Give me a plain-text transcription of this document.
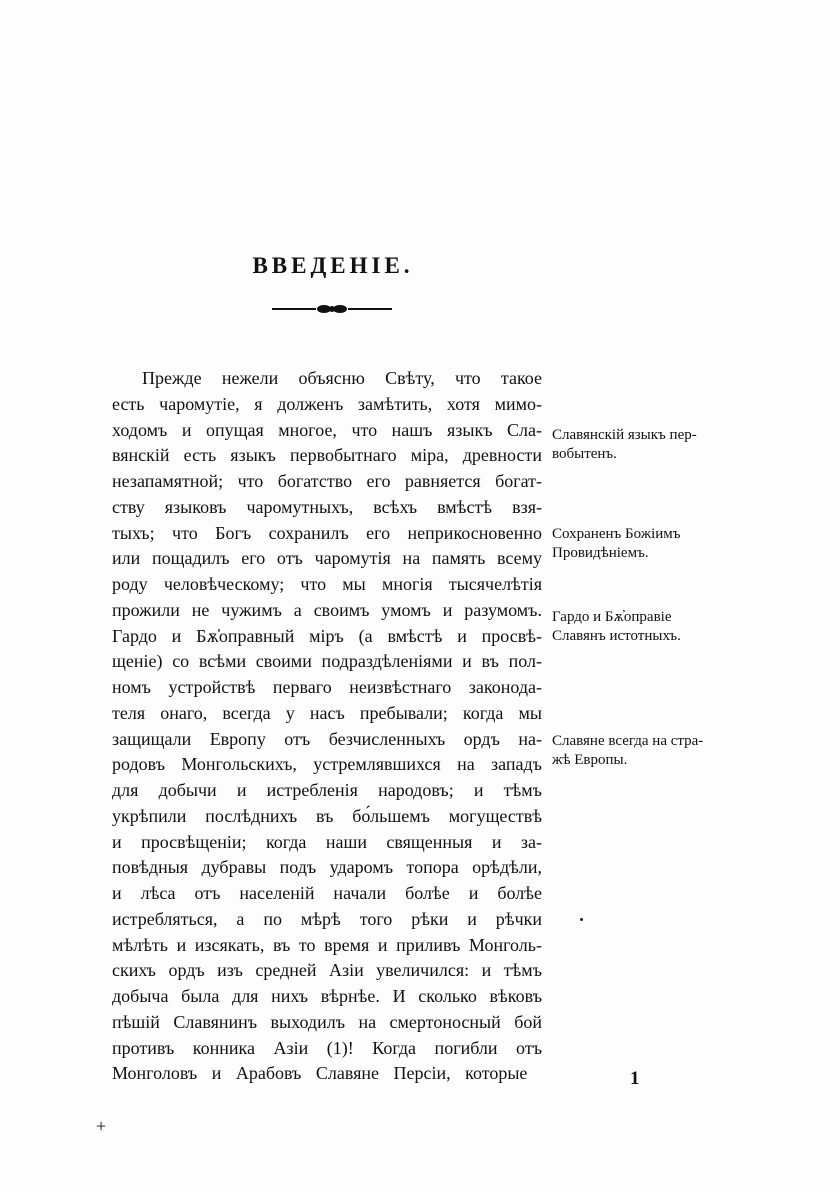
ВВЕДЕНІЕ.
Прежде нежели объясню Свѣту, что такое
есть чаромутіе, я долженъ замѣтить, хотя мимо-
ходомъ и опущая многое, что нашъ языкъ Сла-
вянскій есть языкъ первобытнаго міра, древности
незапамятной; что богатство его равняется богат-
ству языковъ чаромутныхъ, всѣхъ вмѣстѣ взя-
тыхъ; что Богъ сохранилъ его неприкосновенно
или пощадилъ его отъ чаромутія на память всему
роду человѣческому; что мы многія тысячелѣтія
прожили не чужимъ а своимъ умомъ и разумомъ.
Гардо и Бѫ҆оправный міръ (а вмѣстѣ и просвѣ-
щеніе) со всѣми своими подраздѣленіями и въ пол-
номъ устройствѣ перваго неизвѣстнаго законода-
теля онаго, всегда у насъ пребывали; когда мы
защищали Европу отъ безчисленныхъ ордъ на-
родовъ Монгольскихъ, устремлявшихся на западъ
для добычи и истребленія народовъ; и тѣмъ
укрѣпили послѣднихъ въ бо́льшемъ могуществѣ
и просвѣщеніи; когда наши священныя и за-
повѣдныя дубравы подъ ударомъ топора орѣдѣли,
и лѣса отъ населеній начали болѣе и болѣе
истребляться, а по мѣрѣ того рѣки и рѣчки
мѣлѣть и изсякать, въ то время и приливъ Монголь-
скихъ ордъ изъ средней Азіи увеличился: и тѣмъ
добыча была для нихъ вѣрнѣе. И сколько вѣковъ
пѣшій Славянинъ выходилъ на смертоносный бой
противъ конника Азіи (1)! Когда погибли отъ
Монголовъ и Арабовъ Славяне Персіи, которые
Славянскій языкъ пер-
вобытенъ.
Сохраненъ Божіимъ
Провидѣніемъ.
Гардо и Бѫ҆оправіе
Славянъ истотныхъ.
Славяне всегда на стра-
жѣ Европы.
1
+
